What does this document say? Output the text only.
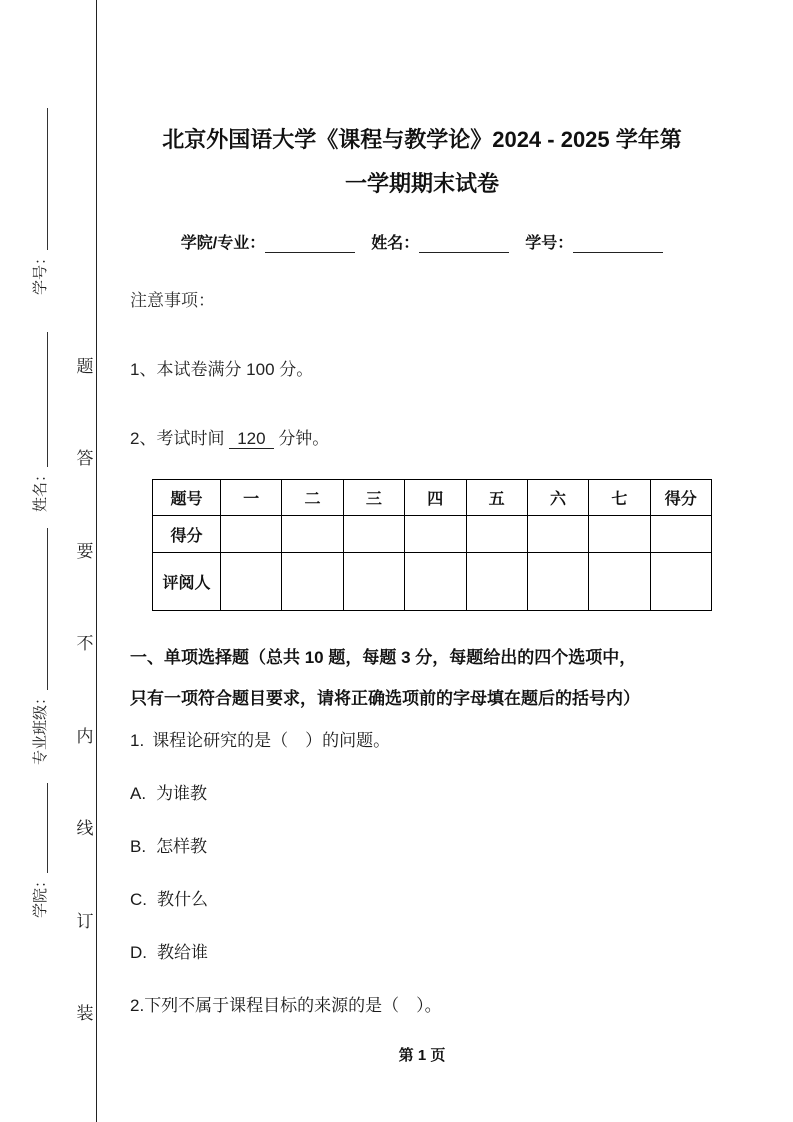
学号：
姓名：
专业班级：
学院：
题
答
要
不
内
线
订
装
北京外国语大学《课程与教学论》2024 - 2025 学年第
一学期期末试卷
学院/专业：	姓名：	学号：
注意事项：
1、本试卷满分 100 分。
2、考试时间 120 分钟。
题号	一	二	三	四	五	六	七	得分
得分								
评阅人								
一、单项选择题（总共 10 题，每题 3 分，每题给出的四个选项中，
只有一项符合题目要求，请将正确选项前的字母填在题后的括号内）
1. 课程论研究的是（　）的问题。
A. 为谁教
B. 怎样教
C. 教什么
D. 教给谁
2.下列不属于课程目标的来源的是（　）。
第 1 页
